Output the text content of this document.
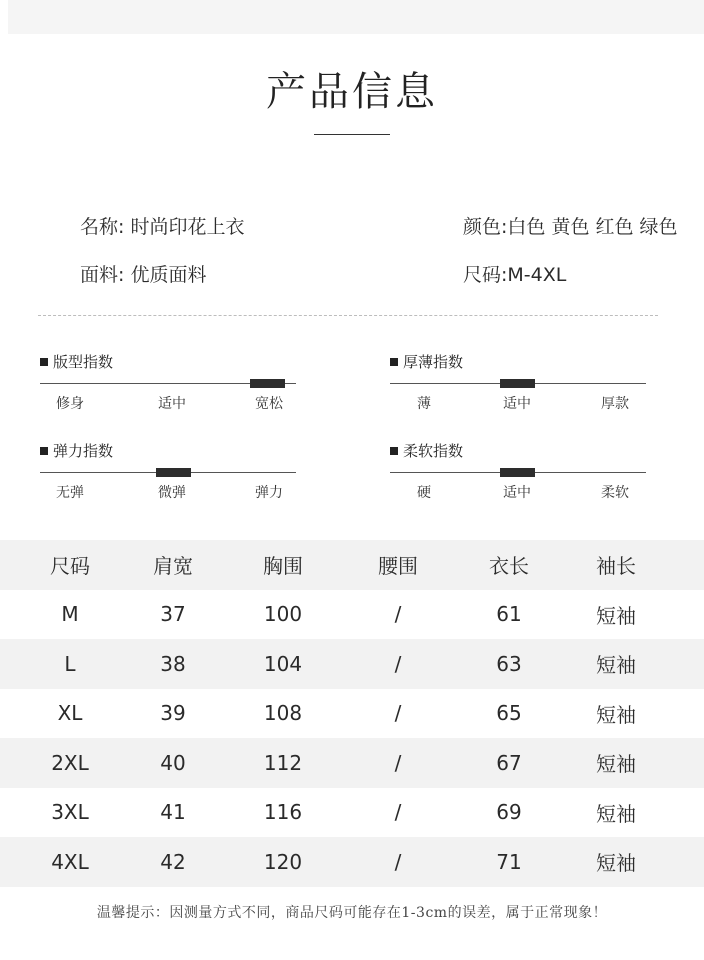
产品信息
名称: 时尚印花上衣	颜色:白色 黄色 红色 绿色
面料: 优质面料	尺码:M-4XL
版型指数
修身	适中	宽松
厚薄指数
薄	适中	厚款
弹力指数
无弹	微弹	弹力
柔软指数
硬	适中	柔软
尺码	肩宽	胸围	腰围	衣长	袖长
M	37	100	/	61	短袖
L	38	104	/	63	短袖
XL	39	108	/	65	短袖
2XL	40	112	/	67	短袖
3XL	41	116	/	69	短袖
4XL	42	120	/	71	短袖
温馨提示：因测量方式不同，商品尺码可能存在1-3cm的误差，属于正常现象！
